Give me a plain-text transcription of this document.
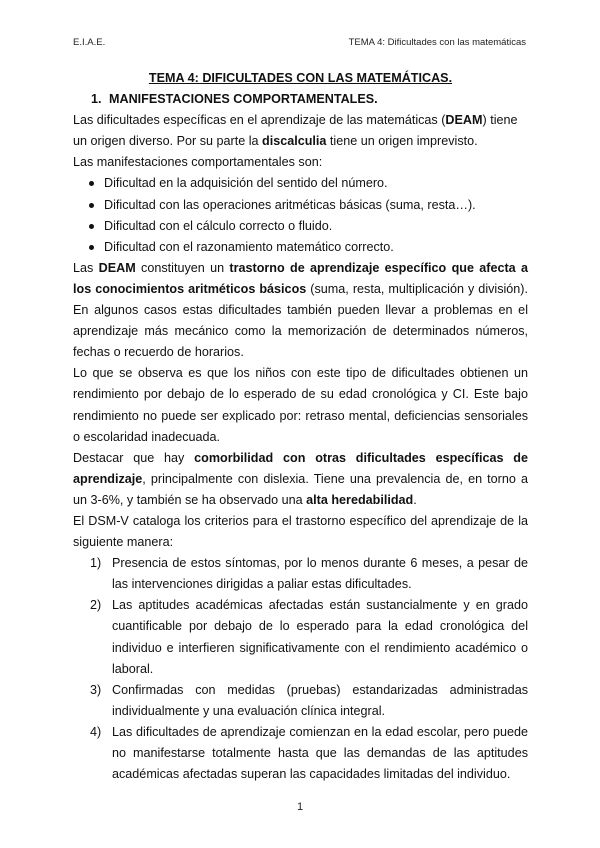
E.I.A.E.	TEMA 4: Dificultades con las matemáticas

TEMA 4: DIFICULTADES CON LAS MATEMÁTICAS.

1. MANIFESTACIONES COMPORTAMENTALES.

Las dificultades específicas en el aprendizaje de las matemáticas (DEAM) tiene un origen diverso. Por su parte la discalculia tiene un origen imprevisto.

Las manifestaciones comportamentales son:

Dificultad en la adquisición del sentido del número.
Dificultad con las operaciones aritméticas básicas (suma, resta…).
Dificultad con el cálculo correcto o fluido.
Dificultad con el razonamiento matemático correcto.

Las DEAM constituyen un trastorno de aprendizaje específico que afecta a los conocimientos aritméticos básicos (suma, resta, multiplicación y división). En algunos casos estas dificultades también pueden llevar a problemas en el aprendizaje más mecánico como la memorización de determinados números, fechas o recuerdo de horarios.

Lo que se observa es que los niños con este tipo de dificultades obtienen un rendimiento por debajo de lo esperado de su edad cronológica y CI. Este bajo rendimiento no puede ser explicado por: retraso mental, deficiencias sensoriales o escolaridad inadecuada.

Destacar que hay comorbilidad con otras dificultades específicas de aprendizaje, principalmente con dislexia. Tiene una prevalencia de, en torno a un 3-6%, y también se ha observado una alta heredabilidad.

El DSM-V cataloga los criterios para el trastorno específico del aprendizaje de la siguiente manera:

1) Presencia de estos síntomas, por lo menos durante 6 meses, a pesar de las intervenciones dirigidas a paliar estas dificultades.
2) Las aptitudes académicas afectadas están sustancialmente y en grado cuantificable por debajo de lo esperado para la edad cronológica del individuo e interfieren significativamente con el rendimiento académico o laboral.
3) Confirmadas con medidas (pruebas) estandarizadas administradas individualmente y una evaluación clínica integral.
4) Las dificultades de aprendizaje comienzan en la edad escolar, pero puede no manifestarse totalmente hasta que las demandas de las aptitudes académicas afectadas superan las capacidades limitadas del individuo.
1
